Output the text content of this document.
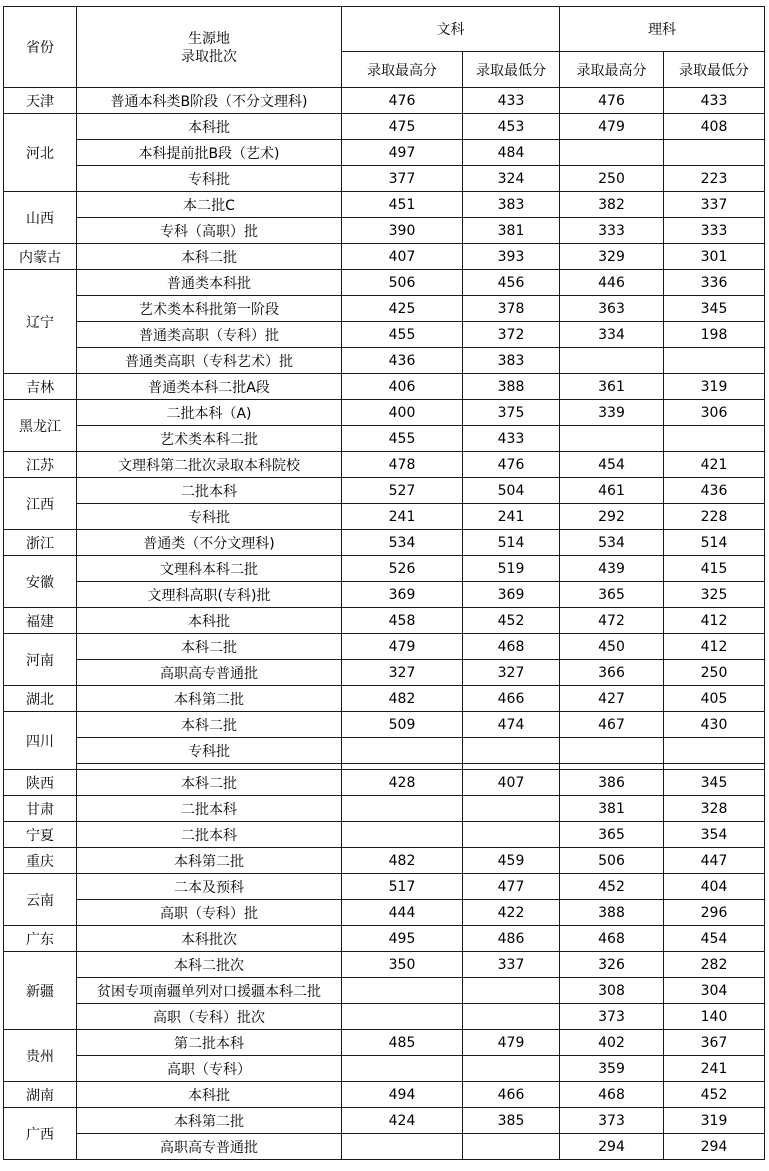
省份	生源地
录取批次	文科		理科	
		录取最高分	录取最低分	录取最高分	录取最低分
天津	普通本科类B阶段（不分文理科)	476	433	476	433
河北	本科批	475	453	479	408
	本科提前批B段（艺术)	497	484		
	专科批	377	324	250	223
山西	本二批C	451	383	382	337
	专科（高职）批	390	381	333	333
内蒙古	本科二批	407	393	329	301
辽宁	普通类本科批	506	456	446	336
	艺术类本科批第一阶段	425	378	363	345
	普通类高职（专科）批	455	372	334	198
	普通类高职（专科艺术）批	436	383		
吉林	普通类本科二批A段	406	388	361	319
黑龙江	二批本科（A)	400	375	339	306
	艺术类本科二批	455	433		
江苏	文理科第二批次录取本科院校	478	476	454	421
江西	二批本科	527	504	461	436
	专科批	241	241	292	228
浙江	普通类（不分文理科)	534	514	534	514
安徽	文理科本科二批	526	519	439	415
	文理科高职(专科)批	369	369	365	325
福建	本科批	458	452	472	412
河南	本科二批	479	468	450	412
	高职高专普通批	327	327	366	250
湖北	本科第二批	482	466	427	405
四川	本科二批	509	474	467	430
	专科批				

陕西	本科二批	428	407	386	345
甘肃	二批本科			381	328
宁夏	二批本科			365	354
重庆	本科第二批	482	459	506	447
云南	二本及预科	517	477	452	404
	高职（专科）批	444	422	388	296
广东	本科批次	495	486	468	454
新疆	本科二批次	350	337	326	282
	贫困专项南疆单列对口援疆本科二批			308	304
	高职（专科）批次			373	140
贵州	第二批本科	485	479	402	367
	高职（专科）			359	241
湖南	本科批	494	466	468	452
广西	本科第二批	424	385	373	319
	高职高专普通批			294	294
